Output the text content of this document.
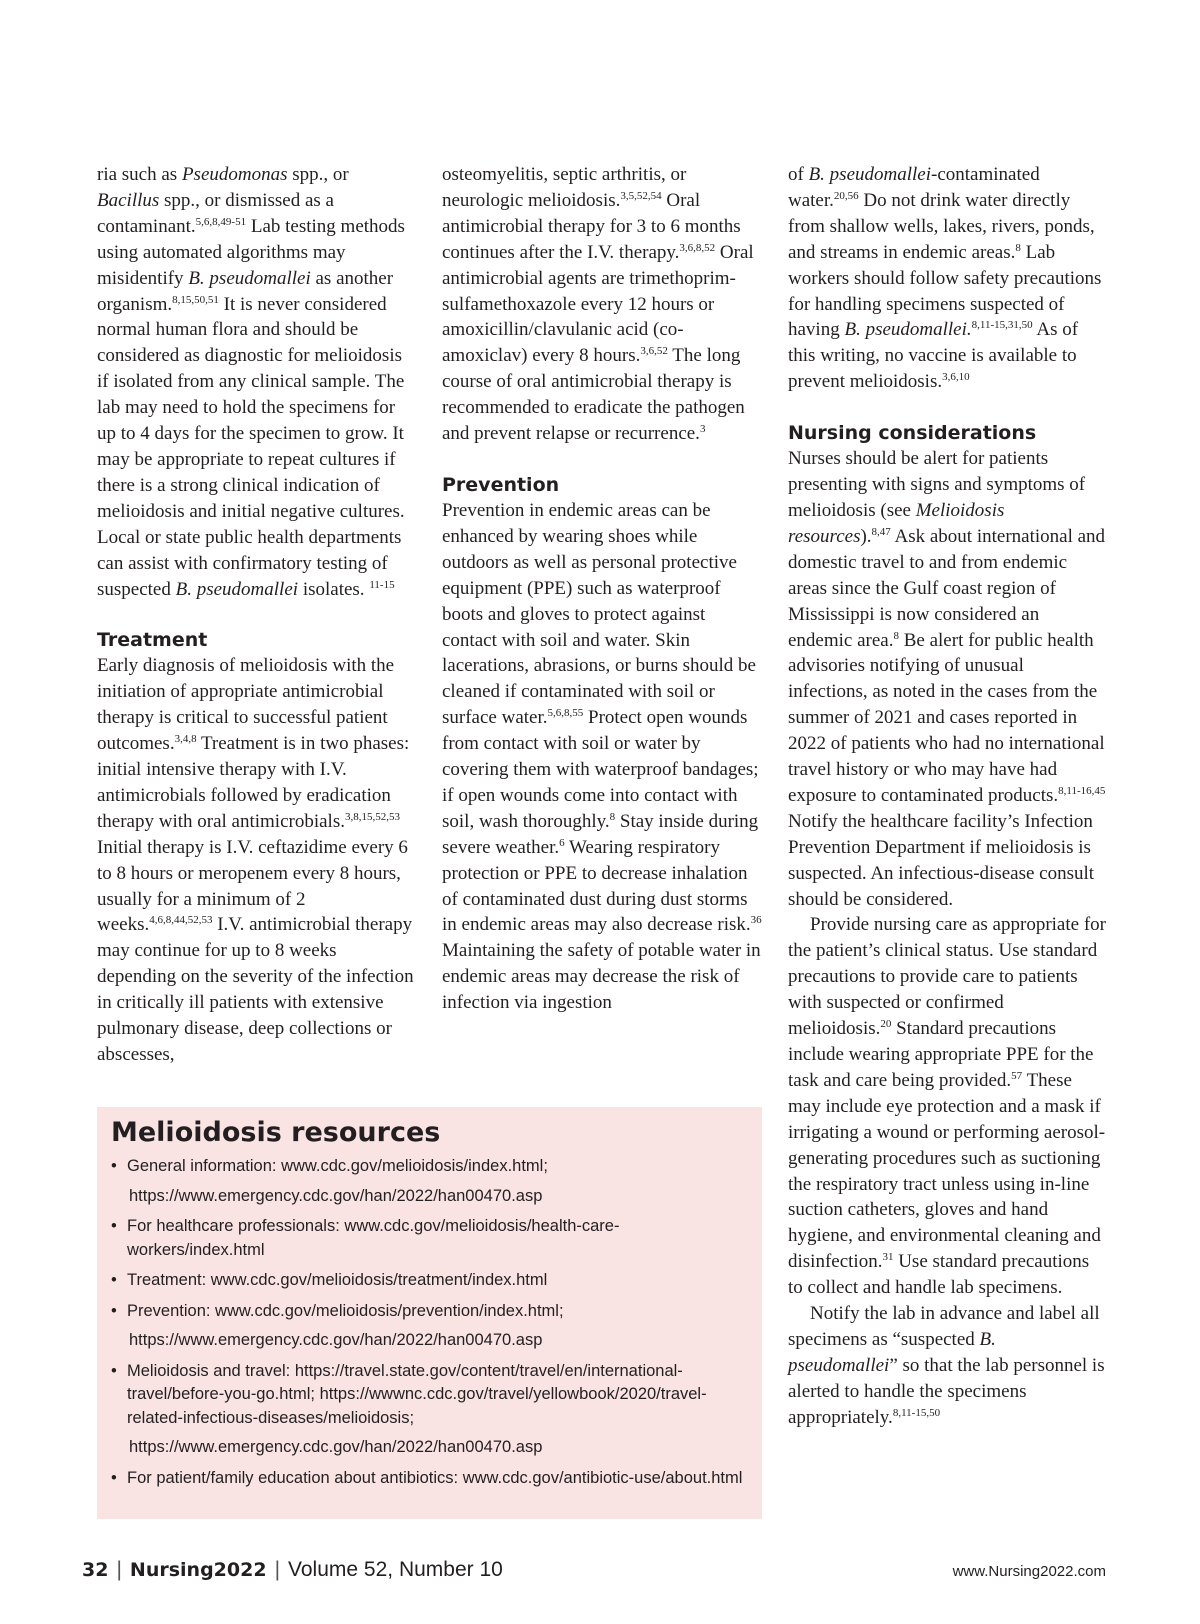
ria such as Pseudomonas spp., or Bacillus spp., or dismissed as a contaminant.$^{5,6,8,49-51}$ Lab testing methods using automated algorithms may misidentify B. pseudomallei as another organism.$^{8,15,50,51}$ It is never considered normal human flora and should be considered as diagnostic for melioidosis if isolated from any clinical sample. The lab may need to hold the specimens for up to 4 days for the specimen to grow. It may be appropriate to repeat cultures if there is a strong clinical indication of melioidosis and initial negative cultures. Local or state public health departments can assist with confirmatory testing of suspected B. pseudomallei isolates. $^{11-15}$

Treatment

Early diagnosis of melioidosis with the initiation of appropriate antimicrobial therapy is critical to successful patient outcomes.$^{3,4,8}$ Treatment is in two phases: initial intensive therapy with I.V. antimicrobials followed by eradication therapy with oral antimicrobials.$^{3,8,15,52,53}$ Initial therapy is I.V. ceftazidime every 6 to 8 hours or meropenem every 8 hours, usually for a minimum of 2 weeks.$^{4,6,8,44,52,53}$ I.V. antimicrobial therapy may continue for up to 8 weeks depending on the severity of the infection in critically ill patients with extensive pulmonary disease, deep collections or abscesses,

osteomyelitis, septic arthritis, or neurologic melioidosis.$^{3,5,52,54}$ Oral antimicrobial therapy for 3 to 6 months continues after the I.V. therapy.$^{3,6,8,52}$ Oral antimicrobial agents are trimethoprim-sulfamethoxazole every 12 hours or amoxicillin/clavulanic acid (co-amoxiclav) every 8 hours.$^{3,6,52}$ The long course of oral antimicrobial therapy is recommended to eradicate the pathogen and prevent relapse or recurrence.$^3$

Prevention

Prevention in endemic areas can be enhanced by wearing shoes while outdoors as well as personal protective equipment (PPE) such as waterproof boots and gloves to protect against contact with soil and water. Skin lacerations, abrasions, or burns should be cleaned if contaminated with soil or surface water.$^{5,6,8,55}$ Protect open wounds from contact with soil or water by covering them with waterproof bandages; if open wounds come into contact with soil, wash thoroughly.$^8$ Stay inside during severe weather.$^6$ Wearing respiratory protection or PPE to decrease inhalation of contaminated dust during dust storms in endemic areas may also decrease risk.$^{36}$ Maintaining the safety of potable water in endemic areas may decrease the risk of infection via ingestion

of B. pseudomallei-contaminated water.$^{20,56}$ Do not drink water directly from shallow wells, lakes, rivers, ponds, and streams in endemic areas.$^8$ Lab workers should follow safety precautions for handling specimens suspected of having B. pseudomallei.$^{8,11-15,31,50}$ As of this writing, no vaccine is available to prevent melioidosis.$^{3,6,10}$

Nursing considerations

Nurses should be alert for patients presenting with signs and symptoms of melioidosis (see Melioidosis resources).$^{8,47}$ Ask about international and domestic travel to and from endemic areas since the Gulf coast region of Mississippi is now considered an endemic area.$^8$ Be alert for public health advisories notifying of unusual infections, as noted in the cases from the summer of 2021 and cases reported in 2022 of patients who had no international travel history or who may have had exposure to contaminated products.$^{8,11-16,45}$ Notify the healthcare facility’s Infection Prevention Department if melioidosis is suspected. An infectious-disease consult should be considered.

Provide nursing care as appropriate for the patient’s clinical status. Use standard precautions to provide care to patients with suspected or confirmed melioidosis.$^{20}$ Standard precautions include wearing appropriate PPE for the task and care being provided.$^{57}$ These may include eye protection and a mask if irrigating a wound or performing aerosol-generating procedures such as suctioning the respiratory tract unless using in-line suction catheters, gloves and hand hygiene, and environmental cleaning and disinfection.$^{31}$ Use standard precautions to collect and handle lab specimens.

Notify the lab in advance and label all specimens as “suspected B. pseudomallei” so that the lab personnel is alerted to handle the specimens appropriately.$^{8,11-15,50}$

Melioidosis resources
• General information: www.cdc.gov/melioidosis/index.html;
https://www.emergency.cdc.gov/han/2022/han00470.asp
• For healthcare professionals: www.cdc.gov/melioidosis/health-care-workers/index.html
• Treatment: www.cdc.gov/melioidosis/treatment/index.html
• Prevention: www.cdc.gov/melioidosis/prevention/index.html;
https://www.emergency.cdc.gov/han/2022/han00470.asp
• Melioidosis and travel: https://travel.state.gov/content/travel/en/international-travel/before-you-go.html; https://wwwnc.cdc.gov/travel/yellowbook/2020/travel-related-infectious-diseases/melioidosis;
https://www.emergency.cdc.gov/han/2022/han00470.asp
• For patient/family education about antibiotics: www.cdc.gov/antibiotic-use/about.html
32 | Nursing2022 | Volume 52, Number 10	www.Nursing2022.com
